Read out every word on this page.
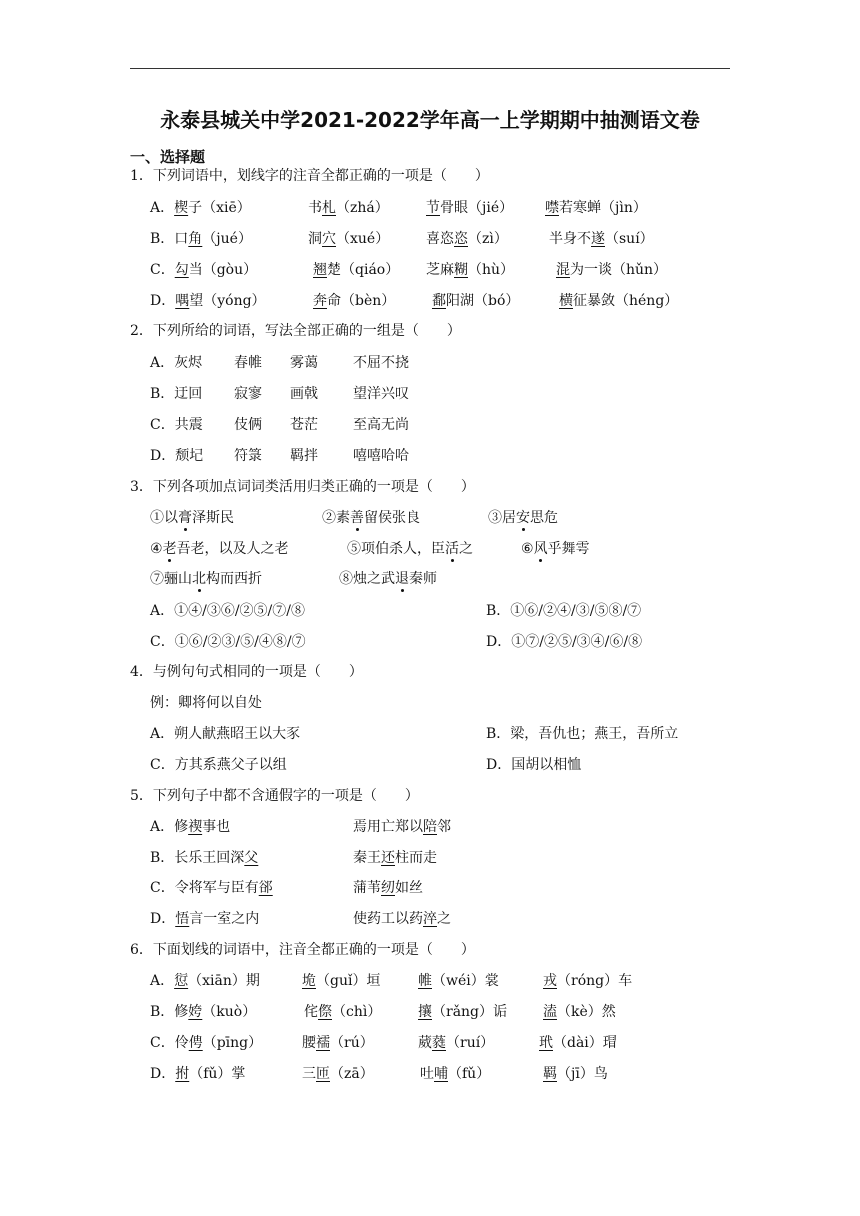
永泰县城关中学2021-2022学年高一上学期期中抽测语文卷
一、选择题
1．下列词语中，划线字的注音全都正确的一项是（　　）
A．楔子（xiē）	书札（zhá）	节骨眼（jié） 噤若寒蝉（jìn）
B．口角（jué）	洞穴（xué）	喜恣恣（zì）	半身不遂（suí）
C．勾当（gòu）	翘楚（qiáo） 芝麻糊（hù）	混为一谈（hǔn）
D．喁望（yóng）	奔命（bèn）	鄱阳湖（bó）	横征暴敛（héng）
2．下列所给的词语，写法全部正确的一组是（　　）
A．灰烬 春帷 雾蔼	不屈不挠
B．迂回 寂寥 画戟	望洋兴叹
C．共震 伎俩 苍茫	至高无尚
D．颓圮 符箓 羁拌	嘻嘻哈哈
3．下列各项加点词词类活用归类正确的一项是（　　）
①以膏泽斯民	②素善留侯张良	③居安思危
④老吾老，以及人之老	⑤项伯杀人，臣活之	⑥风乎舞雩
⑦骊山北构而西折	⑧烛之武退秦师
A．①④/③⑥/②⑤/⑦/⑧	B．①⑥/②④/③/⑤⑧/⑦
C．①⑥/②③/⑤/④⑧/⑦	D．①⑦/②⑤/③④/⑥/⑧
4．与例句句式相同的一项是（　　）
例：卿将何以自处
A．朔人献燕昭王以大豕	B．梁，吾仇也；燕王，吾所立
C．方其系燕父子以组	D．国胡以相恤
5．下列句子中都不含通假字的一项是（　　）
A．修禊事也	焉用亡郑以陪邻
B．长乐王回深父	秦王还柱而走
C．令将军与臣有郤	蒲苇纫如丝
D．悟言一室之内	使药工以药淬之
6．下面划线的词语中，注音全都正确的一项是（　　）
A．愆（xiān）期	垝（guǐ）垣	帷（wéi）裳	戎（róng）车
B．修姱（kuò）	侘傺（chì）	攘（rǎng）诟	溘（kè）然
C．伶俜（pīng）	腰襦（rú）	葳蕤（ruí）	玳（dài）瑁
D．拊（fǔ）掌	三匝（zā）	吐哺（fǔ）	羁（jī）鸟
